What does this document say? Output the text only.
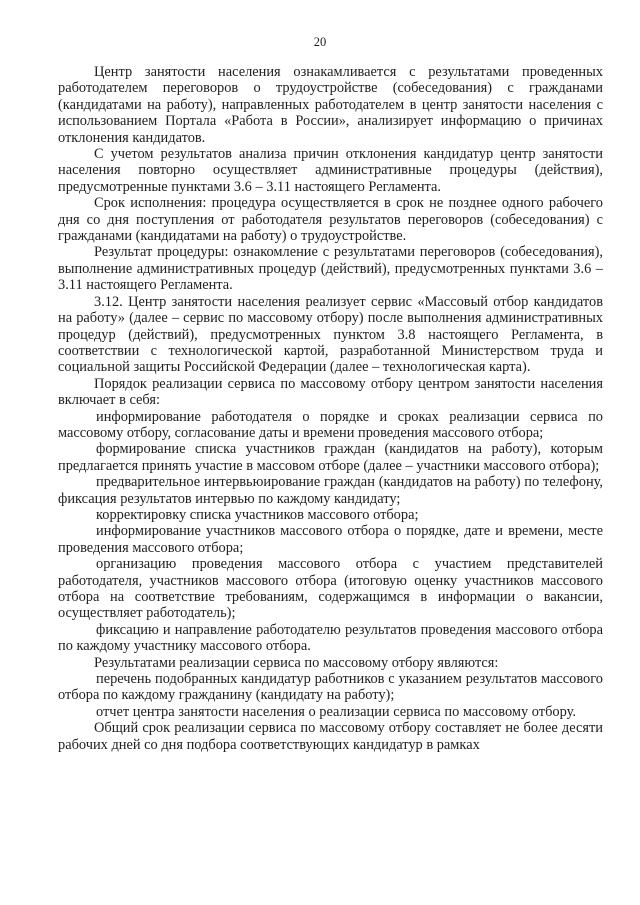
20

Центр занятости населения ознакамливается с результатами проведенных работодателем переговоров о трудоустройстве (собеседования) с гражданами (кандидатами на работу), направленных работодателем в центр занятости населения с использованием Портала «Работа в России», анализирует информацию о причинах отклонения кандидатов.

С учетом результатов анализа причин отклонения кандидатур центр занятости населения повторно осуществляет административные процедуры (действия), предусмотренные пунктами 3.6 – 3.11 настоящего Регламента.

Срок исполнения: процедура осуществляется в срок не позднее одного рабочего дня со дня поступления от работодателя результатов переговоров (собеседования) с гражданами (кандидатами на работу) о трудоустройстве.

Результат процедуры: ознакомление с результатами переговоров (собеседования), выполнение административных процедур (действий), предусмотренных пунктами 3.6 – 3.11 настоящего Регламента.

3.12. Центр занятости населения реализует сервис «Массовый отбор кандидатов на работу» (далее – сервис по массовому отбору) после выполнения административных процедур (действий), предусмотренных пунктом 3.8 настоящего Регламента, в соответствии с технологической картой, разработанной Министерством труда и социальной защиты Российской Федерации (далее – технологическая карта).

Порядок реализации сервиса по массовому отбору центром занятости населения включает в себя:

информирование работодателя о порядке и сроках реализации сервиса по массовому отбору, согласование даты и времени проведения массового отбора;

формирование списка участников граждан (кандидатов на работу), которым предлагается принять участие в массовом отборе (далее – участники массового отбора);

предварительное интервьюирование граждан (кандидатов на работу) по телефону, фиксация результатов интервью по каждому кандидату;

корректировку списка участников массового отбора;

информирование участников массового отбора о порядке, дате и времени, месте проведения массового отбора;

организацию проведения массового отбора с участием представителей работодателя, участников массового отбора (итоговую оценку участников массового отбора на соответствие требованиям, содержащимся в информации о вакансии, осуществляет работодатель);

фиксацию и направление работодателю результатов проведения массового отбора по каждому участнику массового отбора.

Результатами реализации сервиса по массовому отбору являются:

перечень подобранных кандидатур работников с указанием результатов массового отбора по каждому гражданину (кандидату на работу);

отчет центра занятости населения о реализации сервиса по массовому отбору.

Общий срок реализации сервиса по массовому отбору составляет не более десяти рабочих дней со дня подбора соответствующих кандидатур в рамках
